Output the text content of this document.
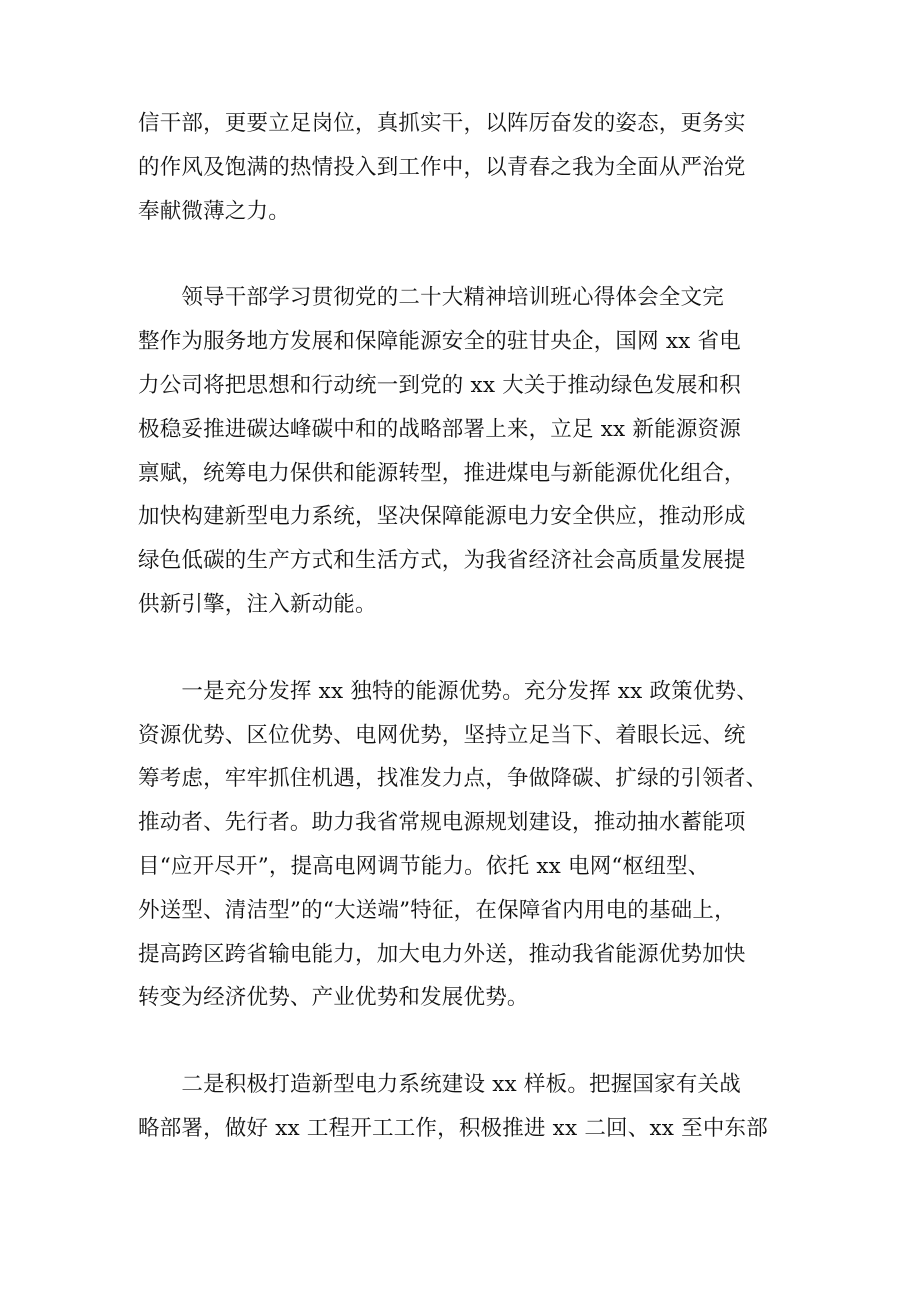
信干部，更要立足岗位，真抓实干，以阵厉奋发的姿态，更务实
的作风及饱满的热情投入到工作中，以青春之我为全面从严治党
奉献微薄之力。

　　领导干部学习贯彻党的二十大精神培训班心得体会全文完
整作为服务地方发展和保障能源安全的驻甘央企，国网 xx 省电
力公司将把思想和行动统一到党的 xx 大关于推动绿色发展和积
极稳妥推进碳达峰碳中和的战略部署上来，立足 xx 新能源资源
禀赋，统筹电力保供和能源转型，推进煤电与新能源优化组合，
加快构建新型电力系统，坚决保障能源电力安全供应，推动形成
绿色低碳的生产方式和生活方式，为我省经济社会高质量发展提
供新引擎，注入新动能。

　　一是充分发挥 xx 独特的能源优势。充分发挥 xx 政策优势、
资源优势、区位优势、电网优势，坚持立足当下、着眼长远、统
筹考虑，牢牢抓住机遇，找准发力点，争做降碳、扩绿的引领者、
推动者、先行者。助力我省常规电源规划建设，推动抽水蓄能项
目“应开尽开”，提高电网调节能力。依托 xx 电网“枢纽型、
外送型、清洁型”的“大送端”特征，在保障省内用电的基础上，
提高跨区跨省输电能力，加大电力外送，推动我省能源优势加快
转变为经济优势、产业优势和发展优势。

　　二是积极打造新型电力系统建设 xx 样板。把握国家有关战
略部署，做好 xx 工程开工工作，积极推进 xx 二回、xx 至中东部
